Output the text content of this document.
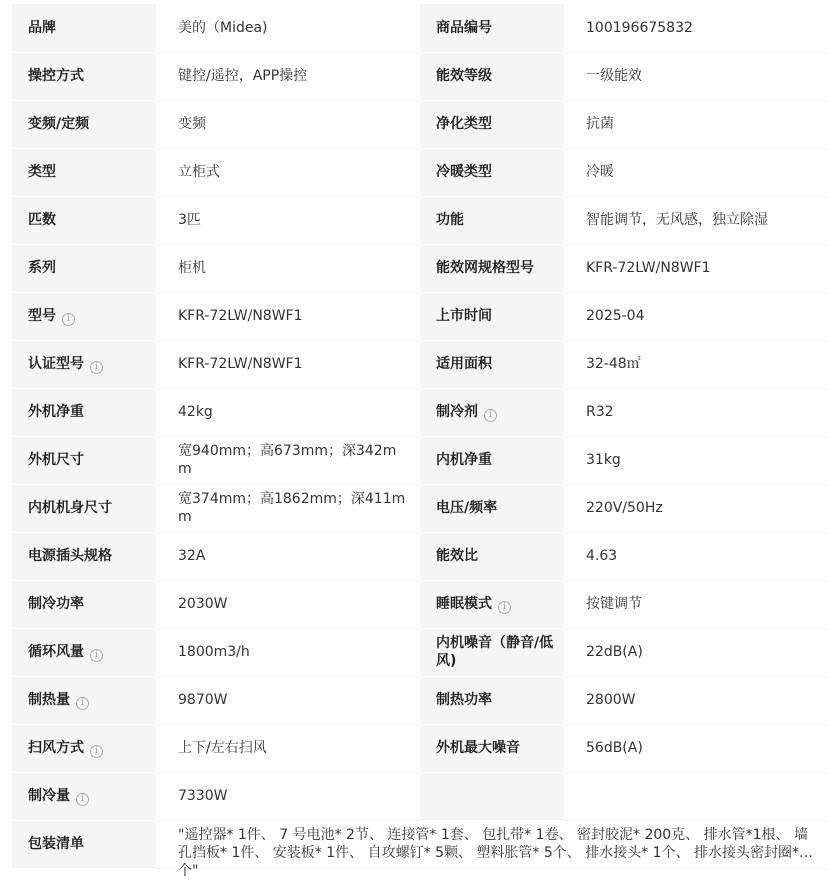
品牌	美的（Midea)	商品编号	100196675832
操控方式	键控/遥控，APP操控	能效等级	一级能效
变频/定频	变频	净化类型	抗菌
类型	立柜式	冷暖类型	冷暖
匹数	3匹	功能	智能调节，无风感，独立除湿
系列	柜机	能效网规格型号	KFR-72LW/N8WF1
型号 i	KFR-72LW/N8WF1	上市时间	2025-04
认证型号 i	KFR-72LW/N8WF1	适用面积	32-48㎡
外机净重	42kg	制冷剂 i	R32
外机尺寸	宽940mm；高673mm；深342mm	内机净重	31kg
内机机身尺寸	宽374mm；高1862mm；深411mm	电压/频率	220V/50Hz
电源插头规格	32A	能效比	4.63
制冷功率	2030W	睡眠模式 i	按键调节
循环风量 i	1800m3/h	内机噪音（静音/低风)	22dB(A)
制热量 i	9870W	制热功率	2800W
扫风方式 i	上下/左右扫风	外机最大噪音	56dB(A)
制冷量 i	7330W		
包装清单	"遥控器* 1件、 7 号电池* 2节、 连接管* 1套、 包扎带* 1卷、 密封胶泥* 200克、 排水管*1根、 墙孔挡板* 1件、 安装板* 1件、 自攻螺钉* 5颗、 塑料胀管* 5个、 排水接头* 1个、 排水接头密封圈* 1个"		
